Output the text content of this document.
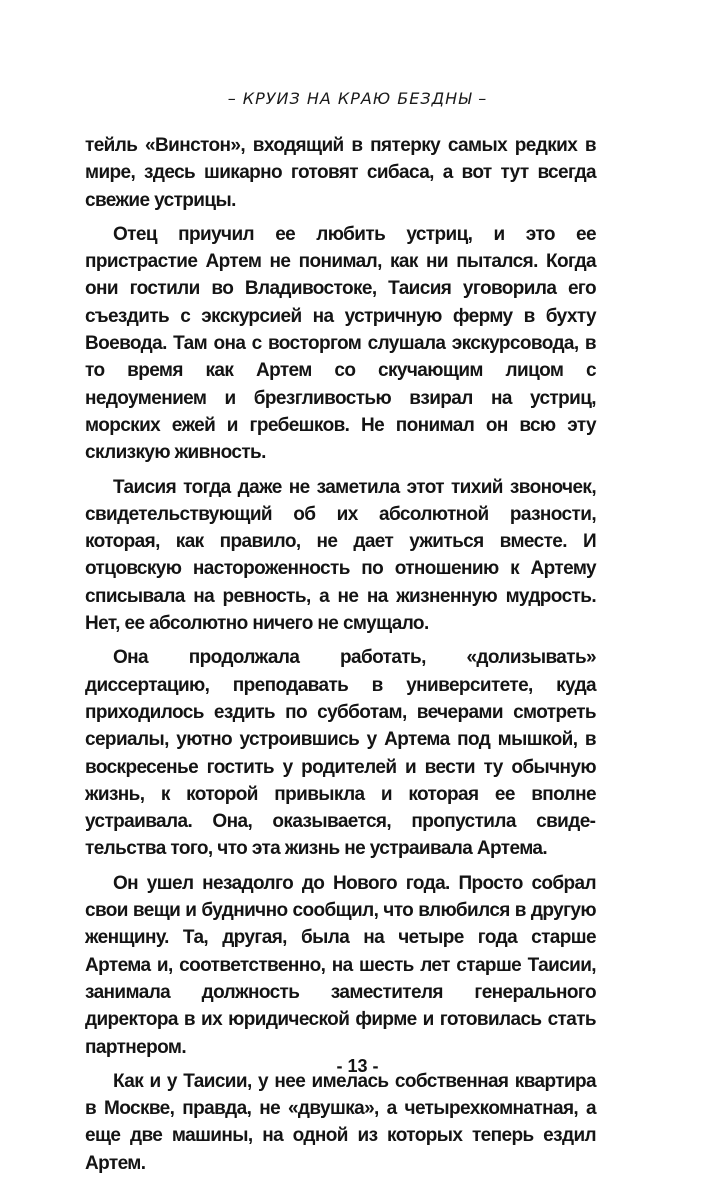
– КРУИЗ НА КРАЮ БЕЗДНЫ –

тейль «Винстон», входящий в пятерку самых редких в мире, здесь шикарно готовят сибаса, а вот тут всегда свежие устрицы.

Отец приучил ее любить устриц, и это ее пристрастие Артем не понимал, как ни пытался. Когда они гостили во Владивостоке, Таисия уговорила его съездить с экскурсией на устричную ферму в бухту Воевода. Там она с восторгом слушала экскурсовода, в то время как Артем со скучающим лицом с недоумением и брезгливостью взирал на устриц, морских ежей и гребешков. Не понимал он всю эту склизкую живность.

Таисия тогда даже не заметила этот тихий звоночек, свидетельствующий об их абсолютной разности, которая, как правило, не дает ужиться вместе. И отцовскую настороженность по отношению к Артему списывала на ревность, а не на жизненную мудрость. Нет, ее абсолютно ничего не смущало.

Она продолжала работать, «долизывать» диссертацию, преподавать в университете, куда приходилось ездить по субботам, вечерами смотреть сериалы, уютно устроившись у Артема под мышкой, в воскресенье гостить у родителей и вести ту обычную жизнь, к которой привыкла и которая ее вполне устраивала. Она, оказывается, пропустила свидетельства того, что эта жизнь не устраивала Артема.

Он ушел незадолго до Нового года. Просто собрал свои вещи и буднично сообщил, что влюбился в другую женщину. Та, другая, была на четыре года старше Артема и, соответственно, на шесть лет старше Таисии, занимала должность заместителя генерального директора в их юридической фирме и готовилась стать партнером.

Как и у Таисии, у нее имелась собственная квартира в Москве, правда, не «двушка», а четырехкомнатная, а еще две машины, на одной из которых теперь ездил Артем.

- 13 -
